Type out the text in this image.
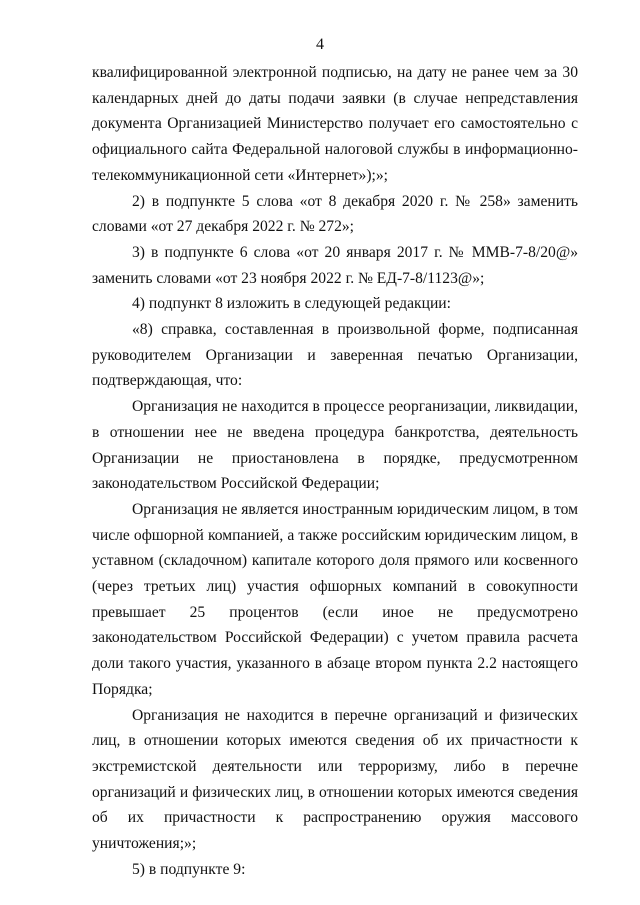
4

квалифицированной электронной подписью, на дату не ранее чем за 30 календарных дней до даты подачи заявки (в случае непредставления документа Организацией Министерство получает его самостоятельно с официального сайта Федеральной налоговой службы в информационно-телекоммуникационной сети «Интернет»);»;

2) в подпункте 5 слова «от 8 декабря 2020 г. № 258» заменить словами «от 27 декабря 2022 г. № 272»;

3) в подпункте 6 слова «от 20 января 2017 г. № ММВ-7-8/20@» заменить словами «от 23 ноября 2022 г. № ЕД-7-8/1123@»;

4) подпункт 8 изложить в следующей редакции:

«8) справка, составленная в произвольной форме, подписанная руководителем Организации и заверенная печатью Организации, подтверждающая, что:

Организация не находится в процессе реорганизации, ликвидации, в отношении нее не введена процедура банкротства, деятельность Организации не приостановлена в порядке, предусмотренном законодательством Российской Федерации;

Организация не является иностранным юридическим лицом, в том числе офшорной компанией, а также российским юридическим лицом, в уставном (складочном) капитале которого доля прямого или косвенного (через третьих лиц) участия офшорных компаний в совокупности превышает 25 процентов (если иное не предусмотрено законодательством Российской Федерации) с учетом правила расчета доли такого участия, указанного в абзаце втором пункта 2.2 настоящего Порядка;

Организация не находится в перечне организаций и физических лиц, в отношении которых имеются сведения об их причастности к экстремистской деятельности или терроризму, либо в перечне организаций и физических лиц, в отношении которых имеются сведения об их причастности к распространению оружия массового уничтожения;»;

5) в подпункте 9:
